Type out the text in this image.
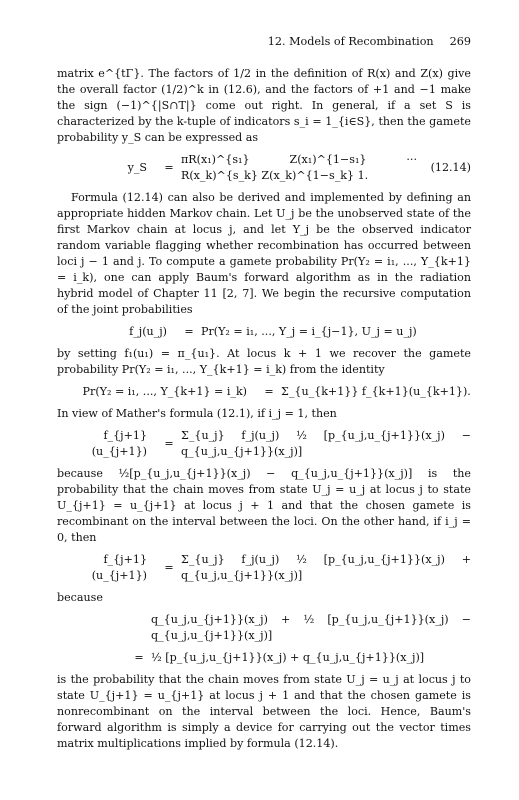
12. Models of Recombination 269

matrix e^{tΓ}. The factors of 1/2 in the definition of R(x) and Z(x) give the overall factor (1/2)^k in (12.6), and the factors of +1 and −1 make the sign (−1)^{|S∩T|} come out right. In general, if a set S is characterized by the k-tuple of indicators s_i = 1_{i∈S}, then the gamete probability y_S can be expressed as

y_S	=
πR(x₁)^{s₁} Z(x₁)^{1−s₁} ··· R(x_k)^{s_k} Z(x_k)^{1−s_k} 1.
(12.14)

Formula (12.14) can also be derived and implemented by defining an appropriate hidden Markov chain. Let U_j be the unobserved state of the first Markov chain at locus j, and let Y_j be the observed indicator random variable flagging whether recombination has occurred between loci j − 1 and j. To compute a gamete probability Pr(Y₂ = i₁, ..., Y_{k+1} = i_k), one can apply Baum's forward algorithm as in the radiation hybrid model of Chapter 11 [2, 7]. We begin the recursive computation of the joint probabilities

f_j(u_j)	= Pr(Y₂ = i₁, ..., Y_j = i_{j−1}, U_j = u_j)

by setting f₁(u₁) = π_{u₁}. At locus k + 1 we recover the gamete probability Pr(Y₂ = i₁, ..., Y_{k+1} = i_k) from the identity

Pr(Y₂ = i₁, ..., Y_{k+1} = i_k)	= Σ_{u_{k+1}} f_{k+1}(u_{k+1}).

In view of Mather's formula (12.1), if i_j = 1, then

f_{j+1}(u_{j+1})
=
Σ_{u_j} f_j(u_j) ½ [p_{u_j,u_{j+1}}(x_j) − q_{u_j,u_{j+1}}(x_j)]

because ½[p_{u_j,u_{j+1}}(x_j) − q_{u_j,u_{j+1}}(x_j)] is the probability that the chain moves from state U_j = u_j at locus j to state U_{j+1} = u_{j+1} at locus j + 1 and that the chosen gamete is recombinant on the interval between the loci. On the other hand, if i_j = 0, then

f_{j+1}(u_{j+1})
=
Σ_{u_j} f_j(u_j) ½ [p_{u_j,u_{j+1}}(x_j) + q_{u_j,u_{j+1}}(x_j)]

because

q_{u_j,u_{j+1}}(x_j) + ½ [p_{u_j,u_{j+1}}(x_j) − q_{u_j,u_{j+1}}(x_j)]
= ½ [p_{u_j,u_{j+1}}(x_j) + q_{u_j,u_{j+1}}(x_j)]

is the probability that the chain moves from state U_j = u_j at locus j to state U_{j+1} = u_{j+1} at locus j + 1 and that the chosen gamete is nonrecombinant on the interval between the loci. Hence, Baum's forward algorithm is simply a device for carrying out the vector times matrix multiplications implied by formula (12.14).
